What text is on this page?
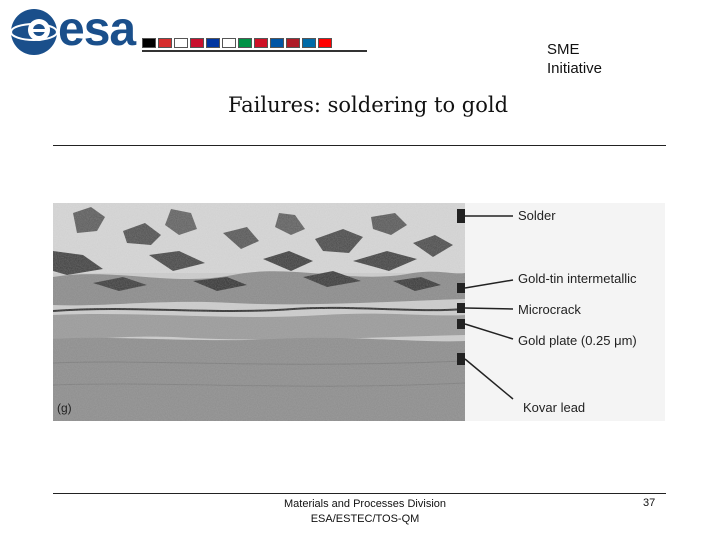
esa	SME
Initiative
Failures: soldering to gold
Solder
Gold-tin intermetallic
Microcrack
Gold plate (0.25 μm)
Kovar lead
(g)
Materials and Processes Division
ESA/ESTEC/TOS-QM
37
